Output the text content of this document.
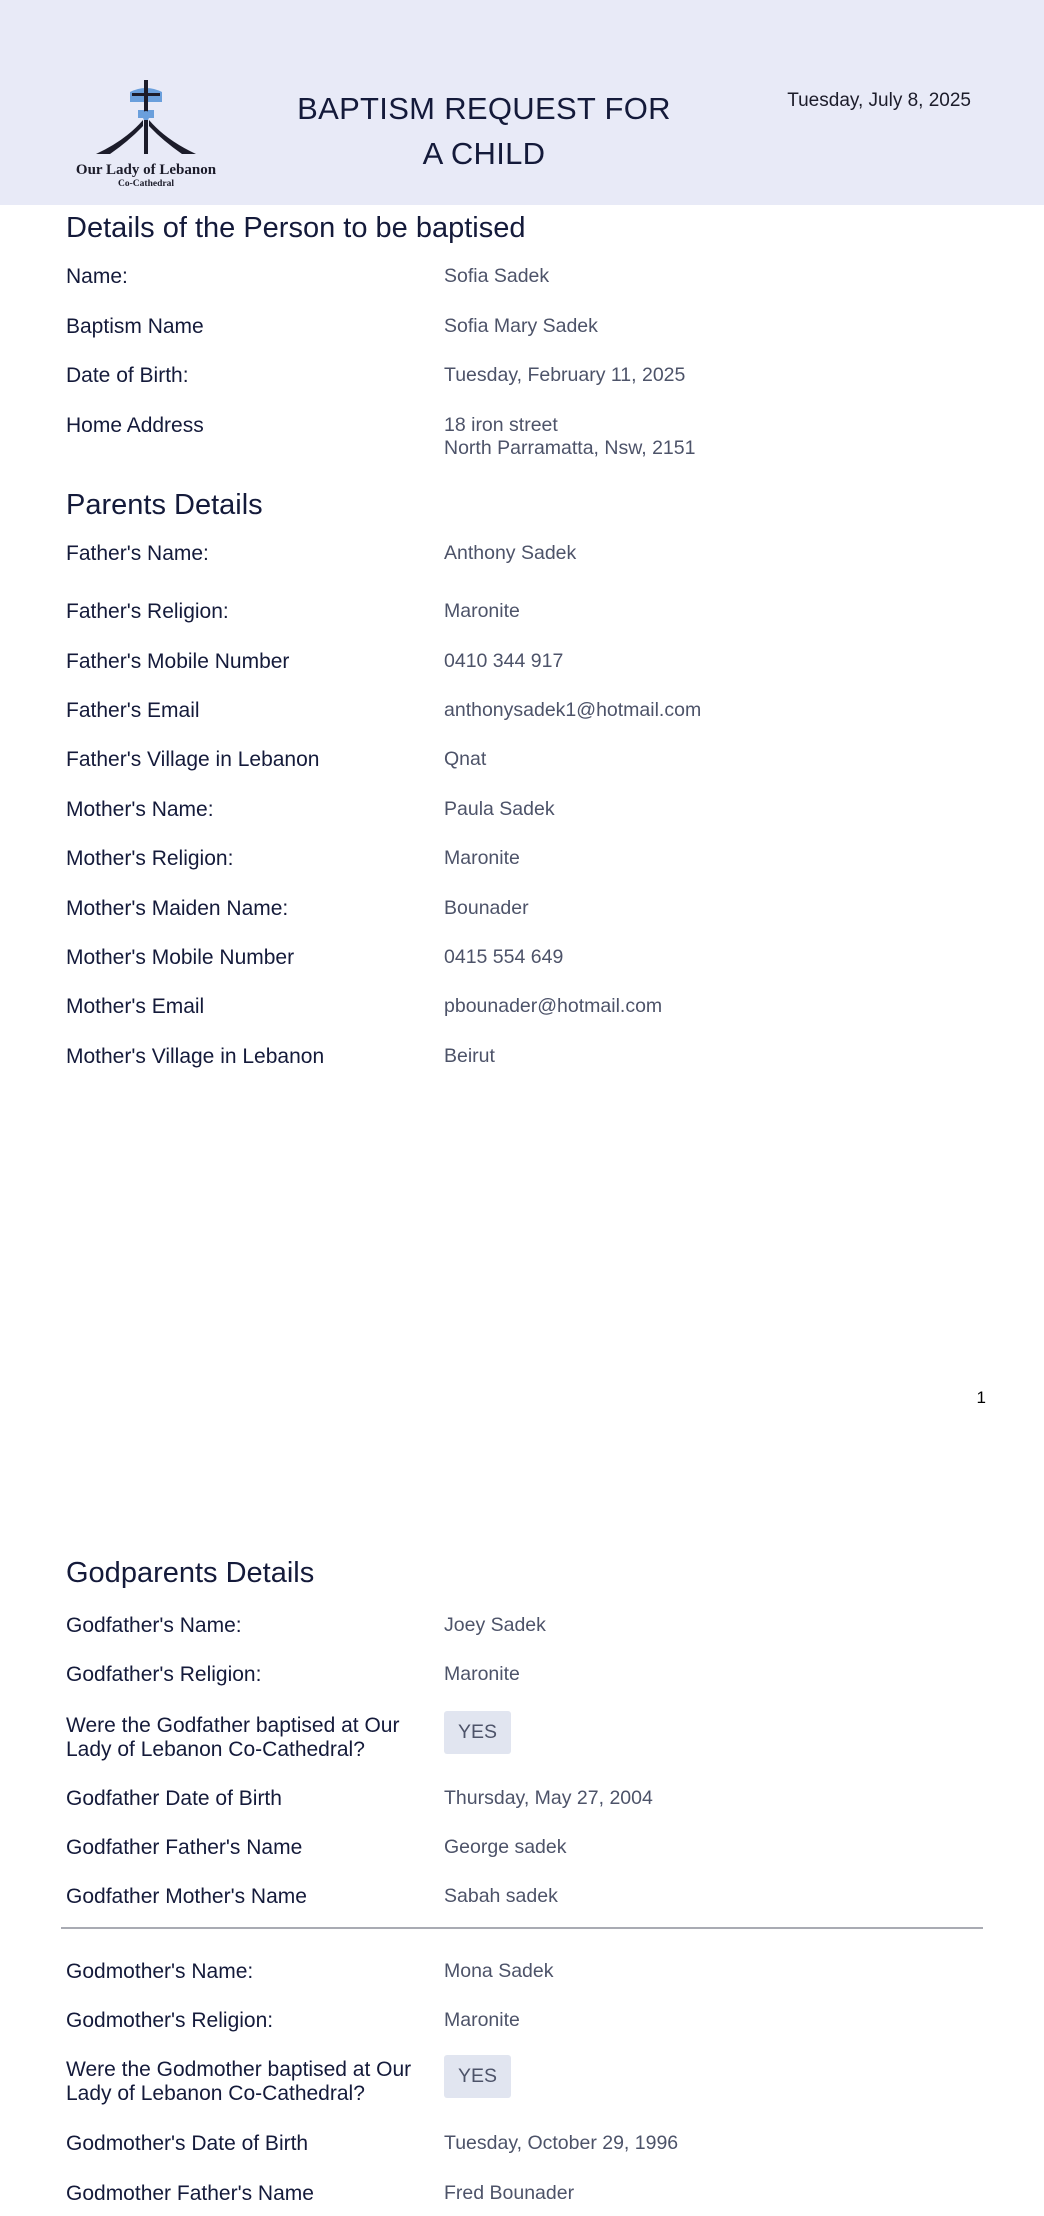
Our Lady of Lebanon
Co-Cathedral
BAPTISM REQUEST FOR
A CHILD
Tuesday, July 8, 2025
Details of the Person to be baptised
Name:	Sofia Sadek
Baptism Name	Sofia Mary Sadek
Date of Birth:	Tuesday, February 11, 2025
Home Address	18 iron street
North Parramatta, Nsw, 2151
Parents Details
Father's Name:	Anthony Sadek
Father's Religion:	Maronite
Father's Mobile Number	0410 344 917
Father's Email	anthonysadek1@hotmail.com
Father's Village in Lebanon	Qnat
Mother's Name:	Paula Sadek
Mother's Religion:	Maronite
Mother's Maiden Name:	Bounader
Mother's Mobile Number	0415 554 649
Mother's Email	pbounader@hotmail.com
Mother's Village in Lebanon	Beirut
1
Godparents Details
Godfather's Name:	Joey Sadek
Godfather's Religion:	Maronite
Were the Godfather baptised at Our
Lady of Lebanon Co-Cathedral?
YES
Godfather Date of Birth	Thursday, May 27, 2004
Godfather Father's Name	George sadek
Godfather Mother's Name	Sabah sadek
Godmother's Name:	Mona Sadek
Godmother's Religion:	Maronite
Were the Godmother baptised at Our
Lady of Lebanon Co-Cathedral?
YES
Godmother's Date of Birth	Tuesday, October 29, 1996
Godmother Father's Name	Fred Bounader
